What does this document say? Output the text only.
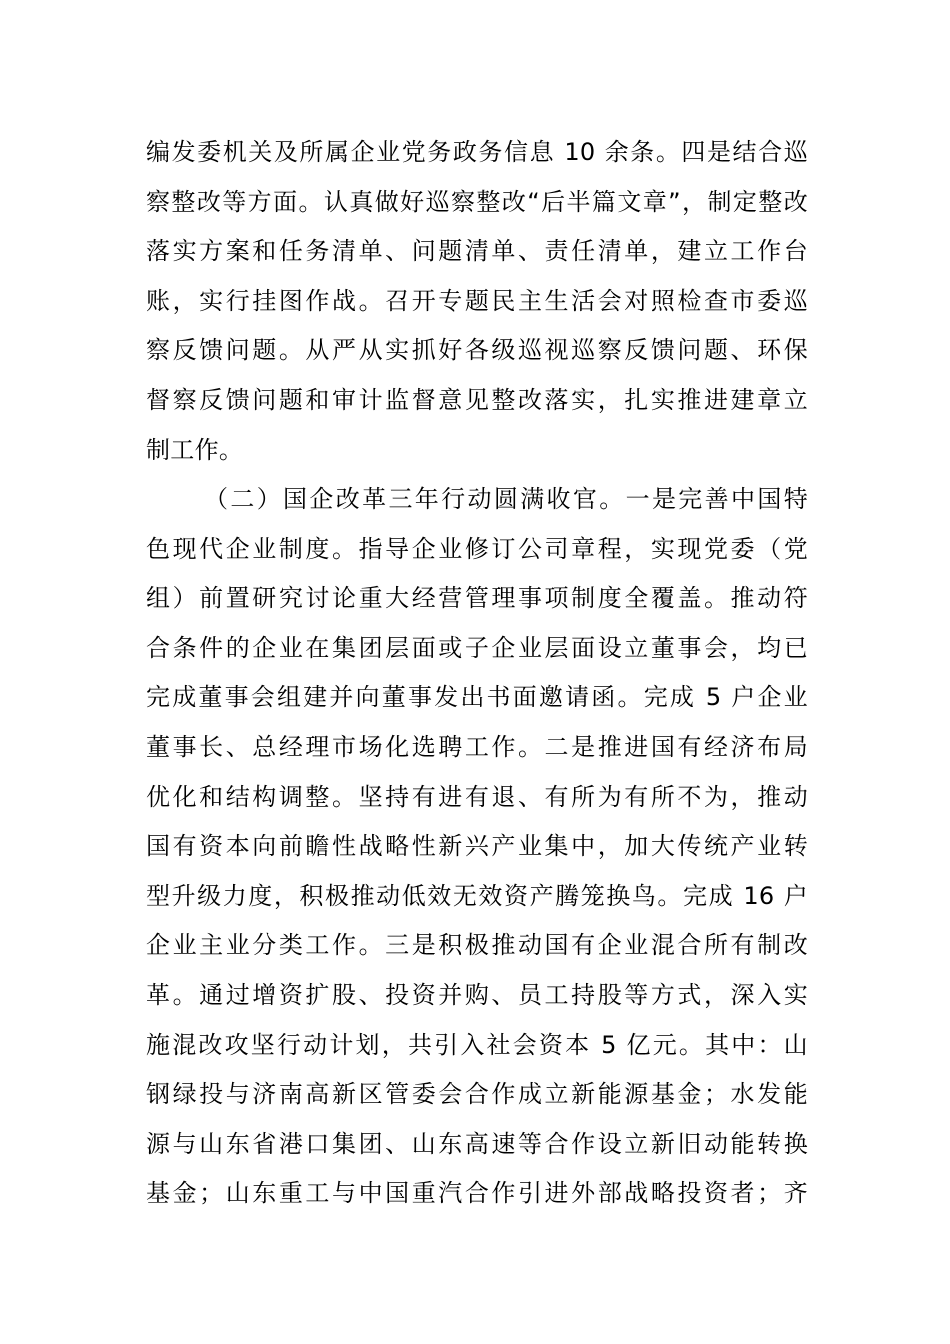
编发委机关及所属企业党务政务信息 10 余条。四是结合巡
察整改等方面。认真做好巡察整改“后半篇文章”，制定整改
落实方案和任务清单、问题清单、责任清单，建立工作台
账，实行挂图作战。召开专题民主生活会对照检查市委巡
察反馈问题。从严从实抓好各级巡视巡察反馈问题、环保
督察反馈问题和审计监督意见整改落实，扎实推进建章立
制工作。
（二）国企改革三年行动圆满收官。一是完善中国特
色现代企业制度。指导企业修订公司章程，实现党委（党
组）前置研究讨论重大经营管理事项制度全覆盖。推动符
合条件的企业在集团层面或子企业层面设立董事会，均已
完成董事会组建并向董事发出书面邀请函。完成 5 户企业
董事长、总经理市场化选聘工作。二是推进国有经济布局
优化和结构调整。坚持有进有退、有所为有所不为，推动
国有资本向前瞻性战略性新兴产业集中，加大传统产业转
型升级力度，积极推动低效无效资产腾笼换鸟。完成 16 户
企业主业分类工作。三是积极推动国有企业混合所有制改
革。通过增资扩股、投资并购、员工持股等方式，深入实
施混改攻坚行动计划，共引入社会资本 5 亿元。其中：山
钢绿投与济南高新区管委会合作成立新能源基金；水发能
源与山东省港口集团、山东高速等合作设立新旧动能转换
基金；山东重工与中国重汽合作引进外部战略投资者；齐
